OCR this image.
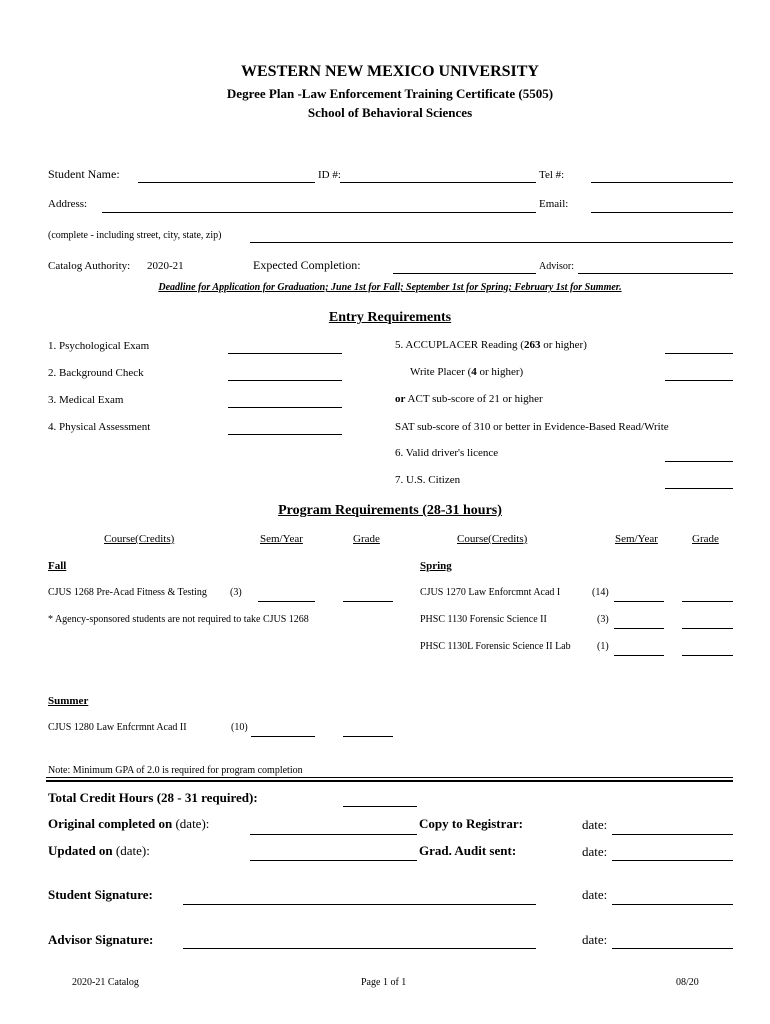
WESTERN NEW MEXICO UNIVERSITY
Degree Plan -Law Enforcement Training Certificate (5505)
School of Behavioral Sciences
Student Name:	ID #:	Tel #:
Address:	Email:
(complete - including street, city, state, zip)
Catalog Authority: 2020-21	Expected Completion:	Advisor:
Deadline for Application for Graduation; June 1st for Fall; September 1st for Spring; February 1st for Summer.
Entry Requirements
1. Psychological Exam
2. Background Check
3. Medical Exam
4. Physical Assessment
5. ACCUPLACER Reading (263 or higher)
Write Placer (4 or higher)
or ACT sub-score of 21 or higher
SAT sub-score of 310 or better in Evidence-Based Read/Write
6. Valid driver's licence
7. U.S. Citizen
Program Requirements (28-31 hours)
Course(Credits)	Sem/Year	Grade	Course(Credits)	Sem/Year	Grade
Fall
CJUS 1268 Pre-Acad Fitness & Testing	(3)
* Agency-sponsored students are not required to take CJUS 1268
Spring
CJUS 1270 Law Enforcmnt Acad I	(14)
PHSC 1130 Forensic Science II	(3)
PHSC 1130L Forensic Science II Lab	(1)
Summer
CJUS 1280 Law Enfcrmnt Acad II	(10)
Note: Minimum GPA of 2.0 is required for program completion
Total Credit Hours (28 - 31 required):
Original completed on (date):	Copy to Registrar:	date:
Updated on (date):	Grad. Audit sent:	date:
Student Signature:	date:
Advisor Signature:	date:
2020-21 Catalog	Page 1 of 1	08/20
